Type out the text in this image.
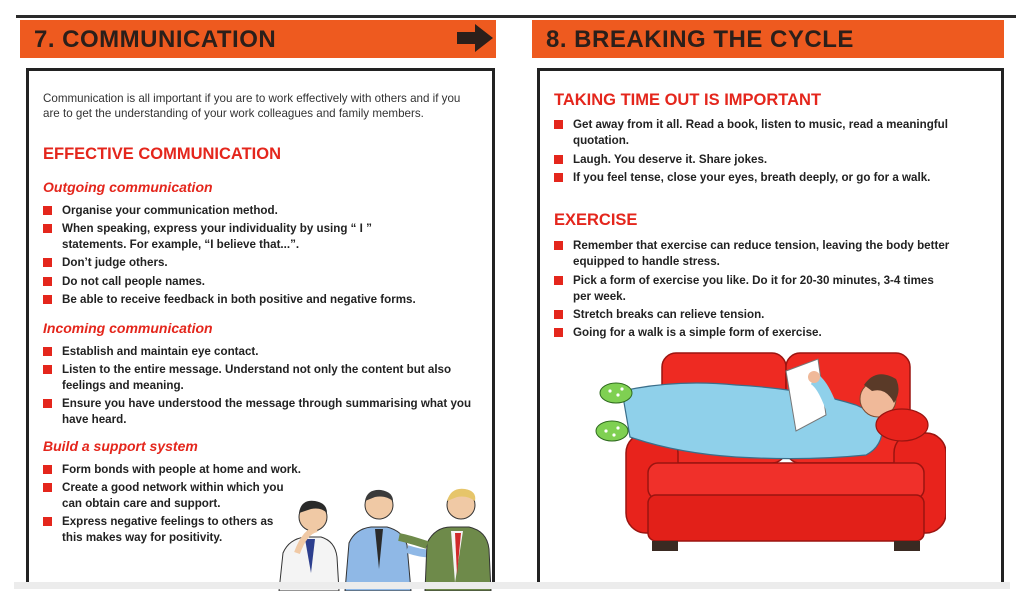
7. COMMUNICATION	8. BREAKING THE CYCLE
Communication is all important if you are to work effectively with others and if you are to get the understanding of your work colleagues and family members.
EFFECTIVE COMMUNICATION
Outgoing communication
Organise your communication method.
When speaking, express your individuality by using “ I ” statements. For example, “I believe that...”.
Don’t judge others.
Do not call people names.
Be able to receive feedback in both positive and negative forms.
Incoming communication
Establish and maintain eye contact.
Listen to the entire message. Understand not only the content but also feelings and meaning.
Ensure you have understood the message through summarising what you have heard.
Build a support system
Form bonds with people at home and work.
Create a good network within which you can obtain care and support.
Express negative feelings to others as this makes way for positivity.
TAKING TIME OUT IS IMPORTANT
Get away from it all. Read a book, listen to music, read a meaningful quotation.
Laugh. You deserve it. Share jokes.
If you feel tense, close your eyes, breath deeply, or go for a walk.
EXERCISE
Remember that exercise can reduce tension, leaving the body better equipped to handle stress.
Pick a form of exercise you like. Do it for 20-30 minutes, 3-4 times per week.
Stretch breaks can relieve tension.
Going for a walk is a simple form of exercise.
